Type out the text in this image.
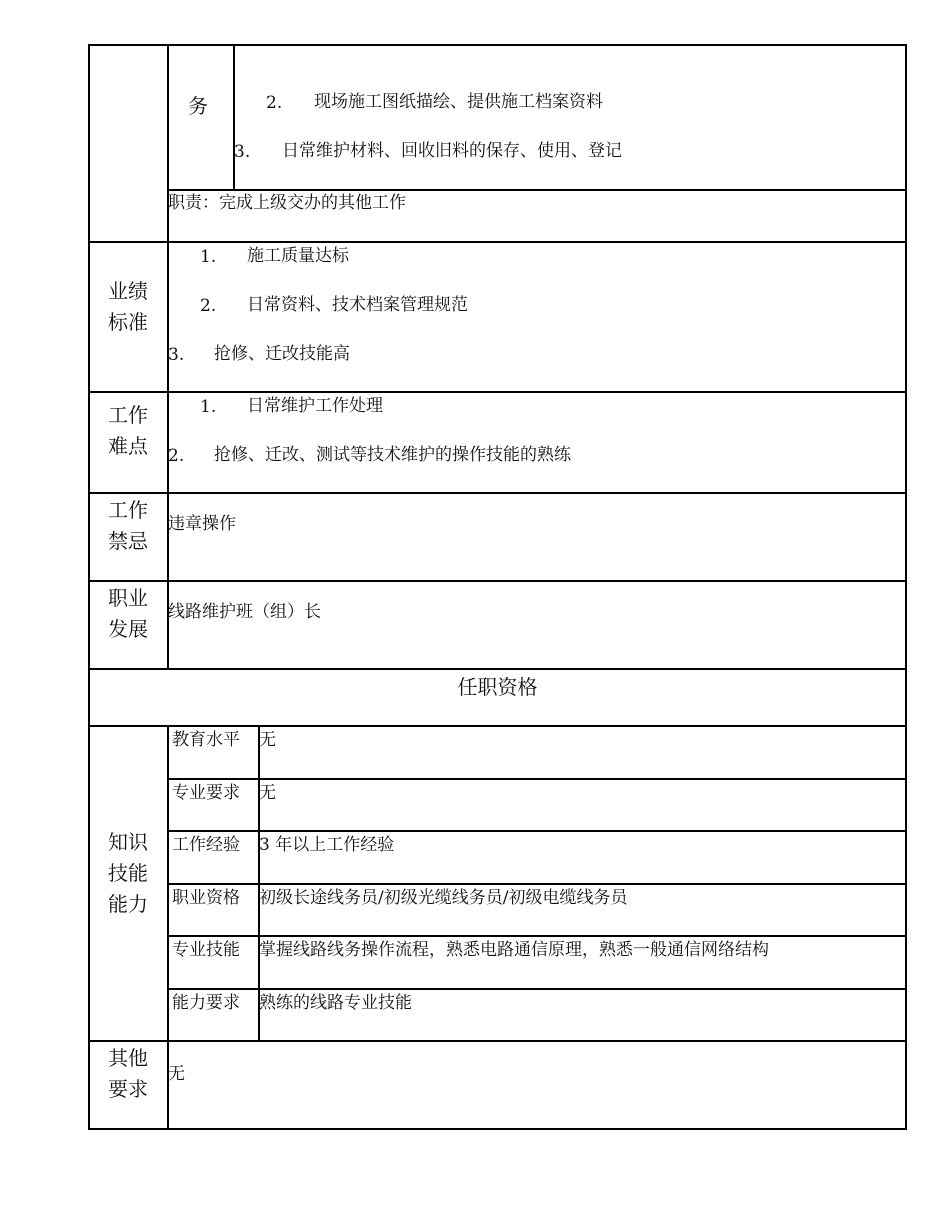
务	2. 现场施工图纸描绘、提供施工档案资料
3. 日常维护材料、回收旧料的保存、使用、登记
职责：完成上级交办的其他工作
业绩
标准
1. 施工质量达标
2. 日常资料、技术档案管理规范
3. 抢修、迁改技能高
工作
难点
1. 日常维护工作处理
2. 抢修、迁改、测试等技术维护的操作技能的熟练
工作
禁忌
违章操作
职业
发展
线路维护班（组）长
任职资格
知识
技能
能力
教育水平 无
专业要求 无
工作经验 3 年以上工作经验
职业资格 初级长途线务员/初级光缆线务员/初级电缆线务员
专业技能 掌握线路线务操作流程，熟悉电路通信原理，熟悉一般通信网络结构
能力要求 熟练的线路专业技能
其他
要求
无
